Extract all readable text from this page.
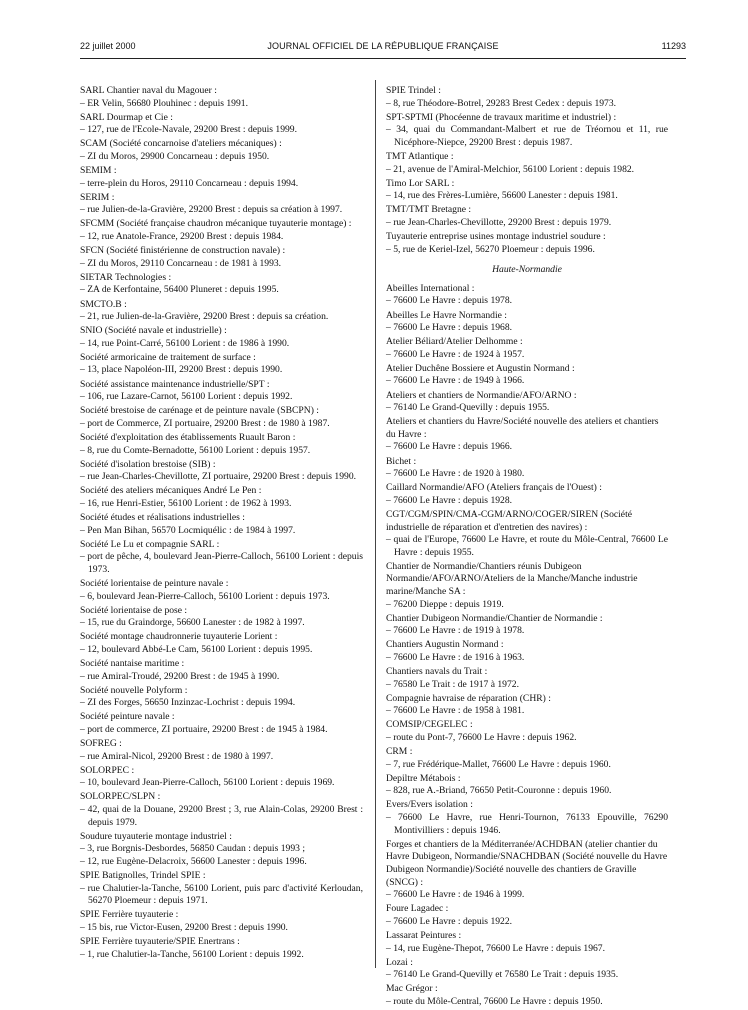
22 juillet 2000	JOURNAL OFFICIEL DE LA RÉPUBLIQUE FRANÇAISE	11293
SARL Chantier naval du Magouer :
– ER Velin, 56680 Plouhinec : depuis 1991.
SARL Dourmap et Cie :
– 127, rue de l'Ecole-Navale, 29200 Brest : depuis 1999.
SCAM (Société concarnoise d'ateliers mécaniques) :
– ZI du Moros, 29900 Concarneau : depuis 1950.
SEMIM :
– terre-plein du Horos, 29110 Concarneau : depuis 1994.
SERIM :
– rue Julien-de-la-Gravière, 29200 Brest : depuis sa création à 1997.
SFCMM (Société française chaudron mécanique tuyauterie montage) :
– 12, rue Anatole-France, 29200 Brest : depuis 1984.
SFCN (Société finistérienne de construction navale) :
– ZI du Moros, 29110 Concarneau : de 1981 à 1993.
SIETAR Technologies :
– ZA de Kerfontaine, 56400 Pluneret : depuis 1995.
SMCTO.B :
– 21, rue Julien-de-la-Gravière, 29200 Brest : depuis sa création.
SNIO (Société navale et industrielle) :
– 14, rue Point-Carré, 56100 Lorient : de 1986 à 1990.
Société armoricaine de traitement de surface :
– 13, place Napoléon-III, 29200 Brest : depuis 1990.
Société assistance maintenance industrielle/SPT :
– 106, rue Lazare-Carnot, 56100 Lorient : depuis 1992.
Société brestoise de carénage et de peinture navale (SBCPN) :
– port de Commerce, ZI portuaire, 29200 Brest : de 1980 à 1987.
Société d'exploitation des établissements Ruault Baron :
– 8, rue du Comte-Bernadotte, 56100 Lorient : depuis 1957.
Société d'isolation brestoise (SIB) :
– rue Jean-Charles-Chevillotte, ZI portuaire, 29200 Brest : depuis 1990.
Société des ateliers mécaniques André Le Pen :
– 16, rue Henri-Estier, 56100 Lorient : de 1962 à 1993.
Société études et réalisations industrielles :
– Pen Man Bihan, 56570 Locmiquélic : de 1984 à 1997.
Société Le Lu et compagnie SARL :
– port de pêche, 4, boulevard Jean-Pierre-Calloch, 56100 Lorient : depuis 1973.
Société lorientaise de peinture navale :
– 6, boulevard Jean-Pierre-Calloch, 56100 Lorient : depuis 1973.
Société lorientaise de pose :
– 15, rue du Graindorge, 56600 Lanester : de 1982 à 1997.
Société montage chaudronnerie tuyauterie Lorient :
– 12, boulevard Abbé-Le Cam, 56100 Lorient : depuis 1995.
Société nantaise maritime :
– rue Amiral-Troudé, 29200 Brest : de 1945 à 1990.
Société nouvelle Polyform :
– ZI des Forges, 56650 Inzinzac-Lochrist : depuis 1994.
Société peinture navale :
– port de commerce, ZI portuaire, 29200 Brest : de 1945 à 1984.
SOFREG :
– rue Amiral-Nicol, 29200 Brest : de 1980 à 1997.
SOLORPEC :
– 10, boulevard Jean-Pierre-Calloch, 56100 Lorient : depuis 1969.
SOLORPEC/SLPN :
– 42, quai de la Douane, 29200 Brest ; 3, rue Alain-Colas, 29200 Brest : depuis 1979.
Soudure tuyauterie montage industriel :
– 3, rue Borgnis-Desbordes, 56850 Caudan : depuis 1993 ;
– 12, rue Eugène-Delacroix, 56600 Lanester : depuis 1996.
SPIE Batignolles, Trindel SPIE :
– rue Chalutier-la-Tanche, 56100 Lorient, puis parc d'activité Kerloudan, 56270 Ploemeur : depuis 1971.
SPIE Ferrière tuyauterie :
– 15 bis, rue Victor-Eusen, 29200 Brest : depuis 1990.
SPIE Ferrière tuyauterie/SPIE Enertrans :
– 1, rue Chalutier-la-Tanche, 56100 Lorient : depuis 1992.
SPIE Trindel :
– 8, rue Théodore-Botrel, 29283 Brest Cedex : depuis 1973.
SPT-SPTMI (Phocéenne de travaux maritime et industriel) :
– 34, quai du Commandant-Malbert et rue de Tréornou et 11, rue Nicéphore-Niepce, 29200 Brest : depuis 1987.
TMT Atlantique :
– 21, avenue de l'Amiral-Melchior, 56100 Lorient : depuis 1982.
Timo Lor SARL :
– 14, rue des Frères-Lumière, 56600 Lanester : depuis 1981.
TMT/TMT Bretagne :
– rue Jean-Charles-Chevillotte, 29200 Brest : depuis 1979.
Tuyauterie entreprise usines montage industriel soudure :
– 5, rue de Keriel-Izel, 56270 Ploemeur : depuis 1996.
Haute-Normandie
Abeilles International :
– 76600 Le Havre : depuis 1978.
Abeilles Le Havre Normandie :
– 76600 Le Havre : depuis 1968.
Atelier Béliard/Atelier Delhomme :
– 76600 Le Havre : de 1924 à 1957.
Atelier Duchêne Bossiere et Augustin Normand :
– 76600 Le Havre : de 1949 à 1966.
Ateliers et chantiers de Normandie/AFO/ARNO :
– 76140 Le Grand-Quevilly : depuis 1955.
Ateliers et chantiers du Havre/Société nouvelle des ateliers et chantiers du Havre :
– 76600 Le Havre : depuis 1966.
Bichet :
– 76600 Le Havre : de 1920 à 1980.
Caillard Normandie/AFO (Ateliers français de l'Ouest) :
– 76600 Le Havre : depuis 1928.
CGT/CGM/SPIN/CMA-CGM/ARNO/COGER/SIREN (Société industrielle de réparation et d'entretien des navires) :
– quai de l'Europe, 76600 Le Havre, et route du Môle-Central, 76600 Le Havre : depuis 1955.
Chantier de Normandie/Chantiers réunis Dubigeon Normandie/AFO/ARNO/Ateliers de la Manche/Manche industrie marine/Manche SA :
– 76200 Dieppe : depuis 1919.
Chantier Dubigeon Normandie/Chantier de Normandie :
– 76600 Le Havre : de 1919 à 1978.
Chantiers Augustin Normand :
– 76600 Le Havre : de 1916 à 1963.
Chantiers navals du Trait :
– 76580 Le Trait : de 1917 à 1972.
Compagnie havraise de réparation (CHR) :
– 76600 Le Havre : de 1958 à 1981.
COMSIP/CEGELEC :
– route du Pont-7, 76600 Le Havre : depuis 1962.
CRM :
– 7, rue Frédérique-Mallet, 76600 Le Havre : depuis 1960.
Depiltre Métabois :
– 828, rue A.-Briand, 76650 Petit-Couronne : depuis 1960.
Evers/Evers isolation :
– 76600 Le Havre, rue Henri-Tournon, 76133 Epouville, 76290 Montivilliers : depuis 1946.
Forges et chantiers de la Méditerranée/ACHDBAN (atelier chantier du Havre Dubigeon, Normandie/SNACHDBAN (Société nouvelle du Havre Dubigeon Normandie)/Société nouvelle des chantiers de Graville (SNCG) :
– 76600 Le Havre : de 1946 à 1999.
Foure Lagadec :
– 76600 Le Havre : depuis 1922.
Lassarat Peintures :
– 14, rue Eugène-Thepot, 76600 Le Havre : depuis 1967.
Lozai :
– 76140 Le Grand-Quevilly et 76580 Le Trait : depuis 1935.
Mac Grégor :
– route du Môle-Central, 76600 Le Havre : depuis 1950.
